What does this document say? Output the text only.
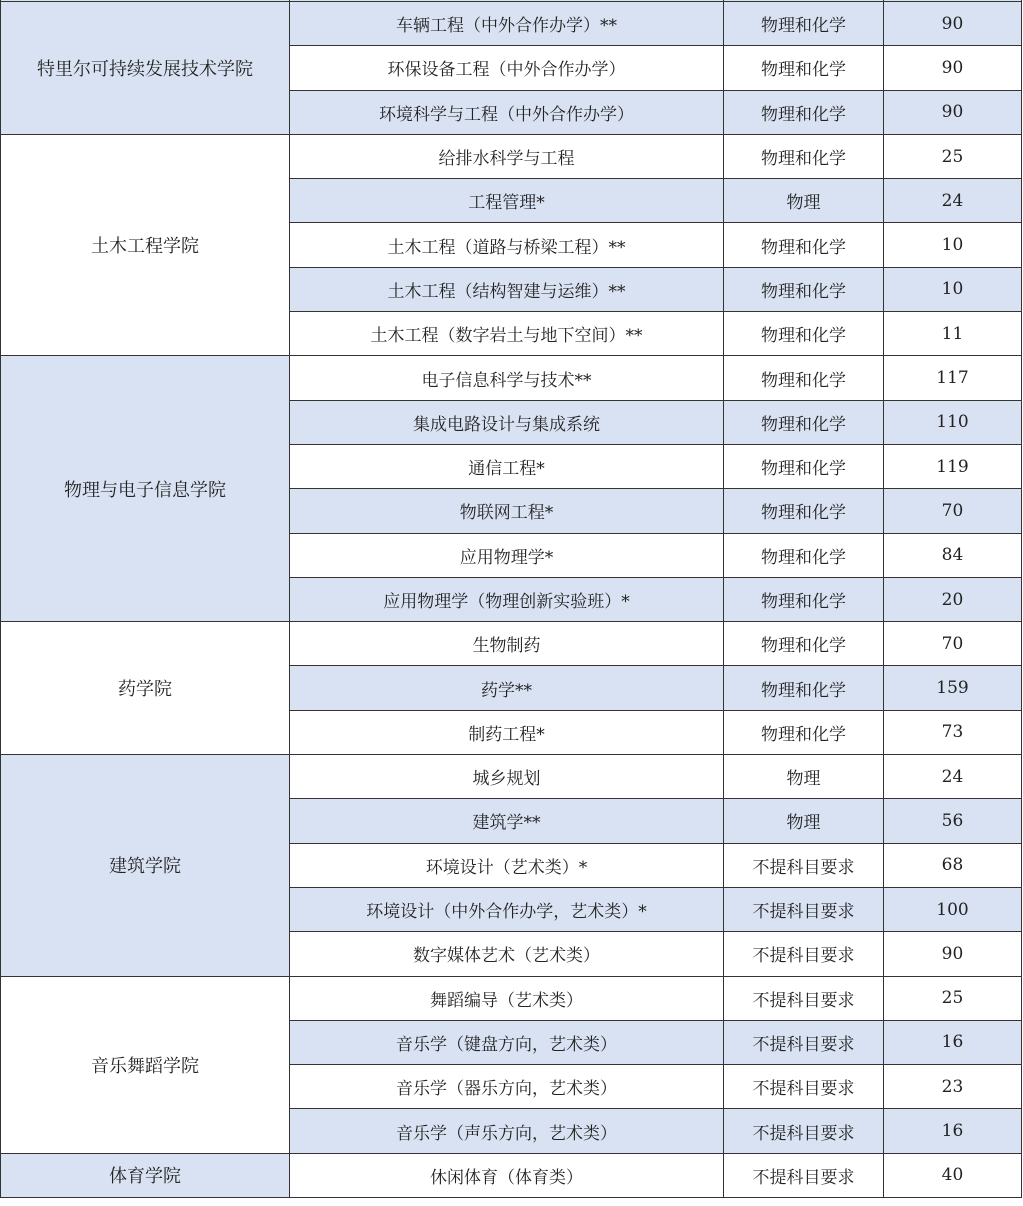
特里尔可持续发展技术学院	车辆工程（中外合作办学）**	物理和化学	90
	环保设备工程（中外合作办学）	物理和化学	90
	环境科学与工程（中外合作办学）	物理和化学	90
土木工程学院	给排水科学与工程	物理和化学	25
	工程管理*	物理	24
	土木工程（道路与桥梁工程）**	物理和化学	10
	土木工程（结构智建与运维）**	物理和化学	10
	土木工程（数字岩土与地下空间）**	物理和化学	11
物理与电子信息学院	电子信息科学与技术**	物理和化学	117
	集成电路设计与集成系统	物理和化学	110
	通信工程*	物理和化学	119
	物联网工程*	物理和化学	70
	应用物理学*	物理和化学	84
	应用物理学（物理创新实验班）*	物理和化学	20
药学院	生物制药	物理和化学	70
	药学**	物理和化学	159
	制药工程*	物理和化学	73
建筑学院	城乡规划	物理	24
	建筑学**	物理	56
	环境设计（艺术类）*	不提科目要求	68
	环境设计（中外合作办学，艺术类）*	不提科目要求	100
	数字媒体艺术（艺术类）	不提科目要求	90
音乐舞蹈学院	舞蹈编导（艺术类）	不提科目要求	25
	音乐学（键盘方向，艺术类）	不提科目要求	16
	音乐学（器乐方向，艺术类）	不提科目要求	23
	音乐学（声乐方向，艺术类）	不提科目要求	16
体育学院	休闲体育（体育类）	不提科目要求	40
